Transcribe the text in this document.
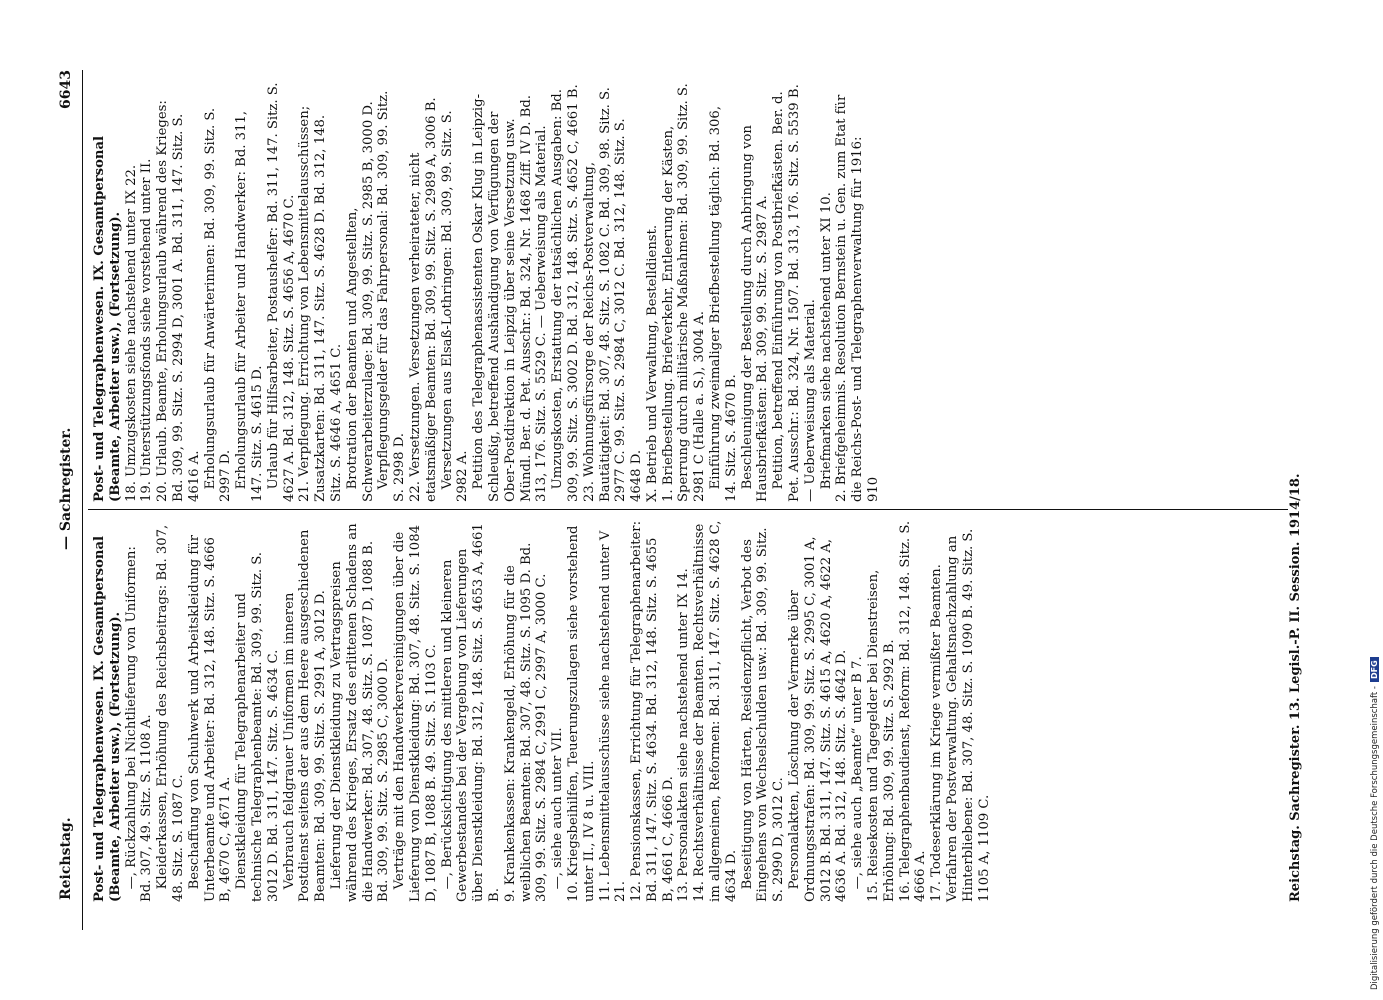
Reichstag.
— Sachregister.
6643

Post- und Telegraphenwesen. IX. Gesamtpersonal (Beamte, Arbeiter usw.), (Fortsetzung). —, Rückzahlung bei Nichtlieferung von Uniformen: Bd. 307, 49. Sitz. S. 1108 A. Kleiderkassen, Erhöhung des Reichsbeitrags: Bd. 307, 48. Sitz. S. 1087 C. Beschaffung von Schuhwerk und Arbeitskleidung für Unterbeamte und Arbeiter: Bd. 312, 148. Sitz. S. 4666 B, 4670 C, 4671 A. Dienstkleidung für Telegraphenarbeiter und technische Telegraphenbeamte: Bd. 309, 99. Sitz. S. 3012 D. Bd. 311, 147. Sitz. S. 4634 C. Verbrauch feldgrauer Uniformen im inneren Postdienst seitens der aus dem Heere ausgeschiedenen Beamten: Bd. 309, 99. Sitz. S. 2991 A, 3012 D. Lieferung der Dienstkleidung zu Vertragspreisen während des Krieges, Ersatz des erlittenen Schadens an die Handwerker: Bd. 307, 48. Sitz. S. 1087 D, 1088 B. Bd. 309, 99. Sitz. S. 2985 C, 3000 D. Verträge mit den Handwerkervereinigungen über die Lieferung von Dienstkleidung: Bd. 307, 48. Sitz. S. 1084 D, 1087 B, 1088 B. 49. Sitz. S. 1103 C. —, Berücksichtigung des mittleren und kleineren Gewerbestandes bei der Vergebung von Lieferungen über Dienstkleidung: Bd. 312, 148. Sitz. S. 4653 A, 4661 B. 9. Krankenkassen: Krankengeld, Erhöhung für die weiblichen Beamten: Bd. 307, 48. Sitz. S. 1095 D. Bd. 309, 99. Sitz. S. 2984 C, 2991 C, 2997 A, 3000 C. —, siehe auch unter VII. 10. Kriegsbeihilfen, Teuerungszulagen siehe vorstehend unter II., IV 8 u. VIII. 11. Lebensmittelausschüsse siehe nachstehend unter V 21. 12. Pensionskassen, Errichtung für Telegraphenarbeiter: Bd. 311, 147. Sitz. S. 4634. Bd. 312, 148. Sitz. S. 4655 B, 4661 C, 4666 D. 13. Personalakten siehe nachstehend unter IX 14. 14. Rechtsverhältnisse der Beamten. Rechtsverhältnisse im allgemeinen, Reformen: Bd. 311, 147. Sitz. S. 4628 C, 4634 D. Beseitigung von Härten, Residenzpflicht, Verbot des Eingehens von Wechselschulden usw.: Bd. 309, 99. Sitz. S. 2990 D, 3012 C. Personalakten, Löschung der Vermerke über Ordnungsstrafen: Bd. 309, 99. Sitz. S. 2995 C, 3001 A, 3012 B. Bd. 311, 147. Sitz. S. 4615 A, 4620 A, 4622 A, 4636 A. Bd. 312, 148. Sitz. S. 4642 D. —, siehe auch „Beamte“ unter B 7. 15. Reisekosten und Tagegelder bei Dienstreisen, Erhöhung: Bd. 309, 99. Sitz. S. 2992 B. 16. Telegraphenbaudienst, Reform: Bd. 312, 148. Sitz. S. 4666 A. 17. Todeserklärung im Kriege vermißter Beamten. Verfahren der Postverwaltung. Gehaltsnachzahlung an Hinterbliebene: Bd. 307, 48. Sitz. S. 1090 B. 49. Sitz. S. 1105 A, 1109 C.

Post- und Telegraphenwesen. IX. Gesamtpersonal (Beamte, Arbeiter usw.), (Fortsetzung). 18. Umzugskosten siehe nachstehend unter IX 22. 19. Unterstützungsfonds siehe vorstehend unter II. 20. Urlaub. Beamte, Erholungsurlaub während des Krieges: Bd. 309, 99. Sitz. S. 2994 D, 3001 A. Bd. 311, 147. Sitz. S. 4616 A. Erholungsurlaub für Anwärterinnen: Bd. 309, 99. Sitz. S. 2997 D. Erholungsurlaub für Arbeiter und Handwerker: Bd. 311, 147. Sitz. S. 4615 D. Urlaub für Hilfsarbeiter, Postaushelfer: Bd. 311, 147. Sitz. S. 4627 A. Bd. 312, 148. Sitz. S. 4656 A, 4670 C. 21. Verpflegung. Errichtung von Lebensmittelausschüssen; Zusatzkarten: Bd. 311, 147. Sitz. S. 4628 D. Bd. 312, 148. Sitz. S. 4646 A, 4651 C. Brotration der Beamten und Angestellten, Schwerarbeiterzulage: Bd. 309, 99. Sitz. S. 2985 B, 3000 D. Verpflegungsgelder für das Fahrpersonal: Bd. 309, 99. Sitz. S. 2998 D. 22. Versetzungen. Versetzungen verheirateter, nicht etatsmäßiger Beamten: Bd. 309, 99. Sitz. S. 2989 A, 3006 B. Versetzungen aus Elsaß-Lothringen: Bd. 309, 99. Sitz. S. 2982 A. Petition des Telegraphenassistenten Oskar Klug in Leipzig-Schleußig, betreffend Aushändigung von Verfügungen der Ober-Postdirektion in Leipzig über seine Versetzung usw. Mündl. Ber. d. Pet. Ausschr.: Bd. 324, Nr. 1468 Ziff. IV D. Bd. 313, 176. Sitz. S. 5529 C. — Ueberweisung als Material. Umzugskosten, Erstattung der tatsächlichen Ausgaben: Bd. 309, 99. Sitz. S. 3002 D. Bd. 312, 148. Sitz. S. 4652 C, 4661 B. 23. Wohnungsfürsorge der Reichs-Postverwaltung, Bautätigkeit: Bd. 307, 48. Sitz. S. 1082 C. Bd. 309, 98. Sitz. S. 2977 C. 99. Sitz. S. 2984 C, 3012 C. Bd. 312, 148. Sitz. S. 4648 D. X. Betrieb und Verwaltung, Bestelldienst. 1. Briefbestellung. Briefverkehr, Entleerung der Kästen, Sperrung durch militärische Maßnahmen: Bd. 309, 99. Sitz. S. 2981 C (Halle a. S.), 3004 A. Einführung zweimaliger Briefbestellung täglich: Bd. 306, 14. Sitz. S. 4670 B. Beschleunigung der Bestellung durch Anbringung von Hausbriefkästen: Bd. 309, 99. Sitz. S. 2987 A. Petition, betreffend Einführung von Postbriefkästen. Ber. d. Pet. Ausschr.: Bd. 324, Nr. 1507. Bd. 313, 176. Sitz. S. 5539 B. — Ueberweisung als Material. Briefmarken siehe nachstehend unter XI 10. 2. Briefgeheimnis. Resolution Bernstein u. Gen. zum Etat für die Reichs-Post- und Telegraphenverwaltung für 1916: 910	Reichstag. Sachregister. 13. Legisl.-P. II. Session. 1914/18.	Digitalisierung gefördert durch die Deutsche Forschungsgemeinschaft -DFG
